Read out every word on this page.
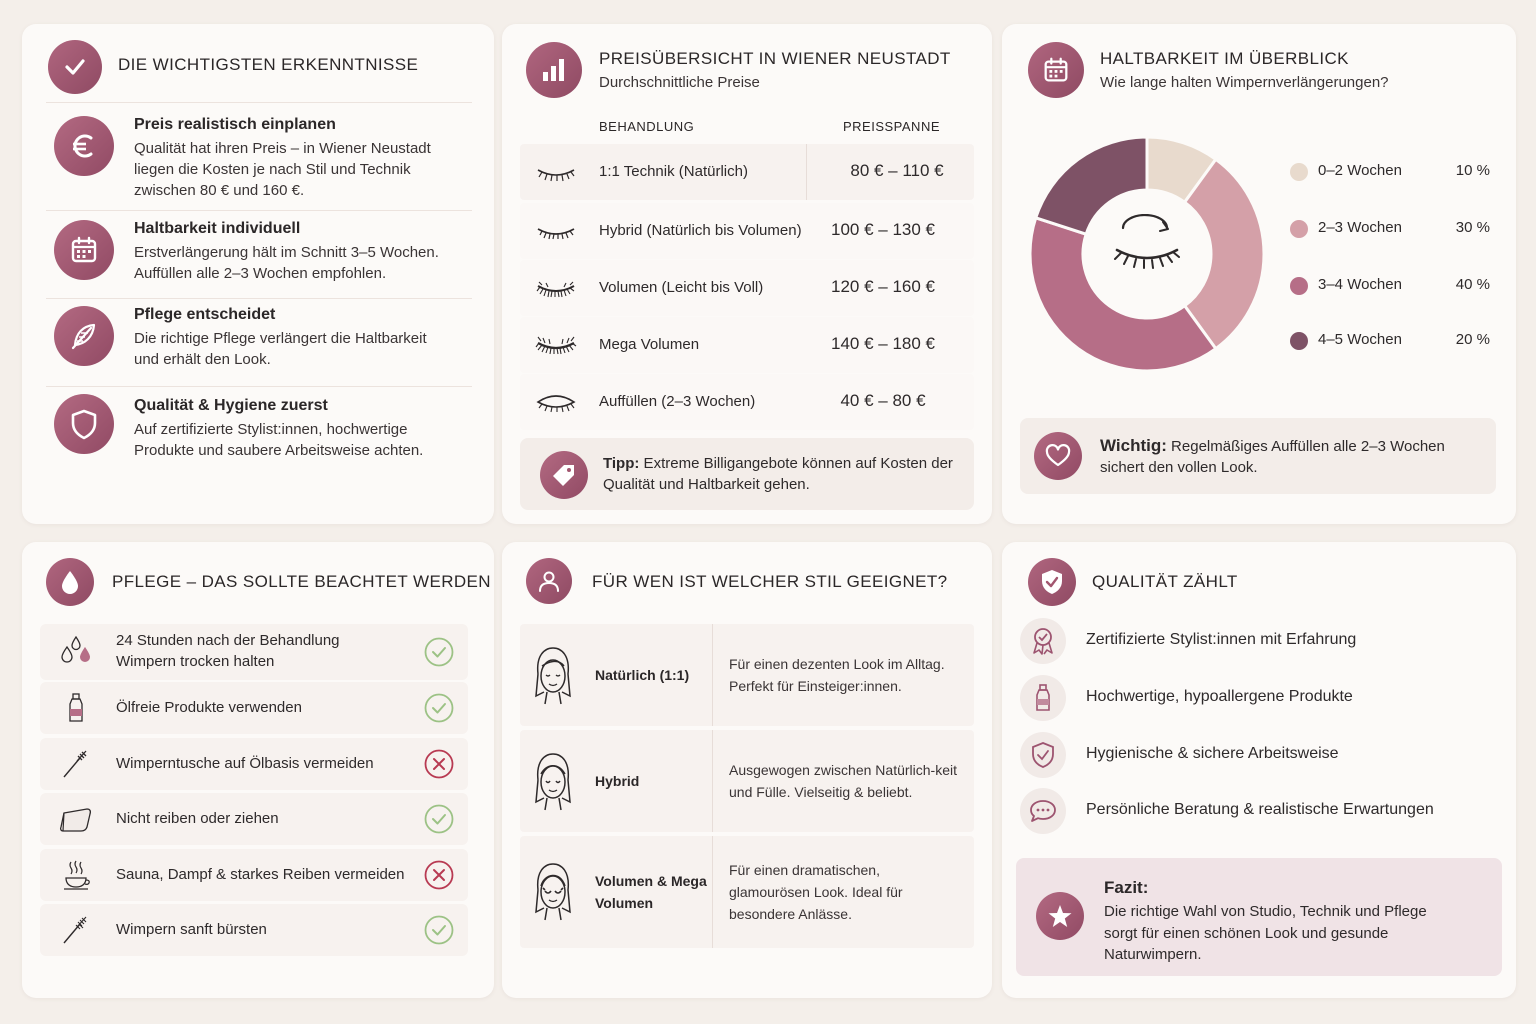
DIE WICHTIGSTEN ERKENNTNISSE
Preis realistisch einplanen
Qualität hat ihren Preis – in Wiener Neustadt liegen die Kosten je nach Stil und Technik zwischen 80 € und 160 €.
Haltbarkeit individuell
Erstverlängerung hält im Schnitt 3–5 Wochen. Auffüllen alle 2–3 Wochen empfohlen.
Pflege entscheidet
Die richtige Pflege verlängert die Haltbarkeit und erhält den Look.
Qualität & Hygiene zuerst
Auf zertifizierte Stylist:innen, hochwertige Produkte und saubere Arbeitsweise achten.
PREISÜBERSICHT IN WIENER NEUSTADT
Durchschnittliche Preise
BEHANDLUNG	PREISSPANNE
1:1 Technik (Natürlich)	80 € – 110 €
Hybrid (Natürlich bis Volumen)	100 € – 130 €
Volumen (Leicht bis Voll)	120 € – 160 €
Mega Volumen	140 € – 180 €
Auffüllen (2–3 Wochen)	40 € – 80 €
Tipp: Extreme Billigangebote können auf Kosten der Qualität und Haltbarkeit gehen.
HALTBARKEIT IM ÜBERBLICK
Wie lange halten Wimpernverlängerungen?
0–2 Wochen	10 %
2–3 Wochen	30 %
3–4 Wochen	40 %
4–5 Wochen	20 %
Wichtig: Regelmäßiges Auffüllen alle 2–3 Wochen sichert den vollen Look.
PFLEGE – DAS SOLLTE BEACHTET WERDEN
24 Stunden nach der Behandlung Wimpern trocken halten
Ölfreie Produkte verwenden
Wimperntusche auf Ölbasis vermeiden
Nicht reiben oder ziehen
Sauna, Dampf & starkes Reiben vermeiden
Wimpern sanft bürsten
FÜR WEN IST WELCHER STIL GEEIGNET?
Natürlich (1:1)
Für einen dezenten Look im Alltag. Perfekt für Einsteiger:innen.
Hybrid
Ausgewogen zwischen Natürlich-keit und Fülle. Vielseitig & beliebt.
Volumen & Mega Volumen
Für einen dramatischen, glamourösen Look. Ideal für besondere Anlässe.
QUALITÄT ZÄHLT
Zertifizierte Stylist:innen mit Erfahrung
Hochwertige, hypoallergene Produkte
Hygienische & sichere Arbeitsweise
Persönliche Beratung & realistische Erwartungen
Fazit:
Die richtige Wahl von Studio, Technik und Pflege sorgt für einen schönen Look und gesunde Naturwimpern.
